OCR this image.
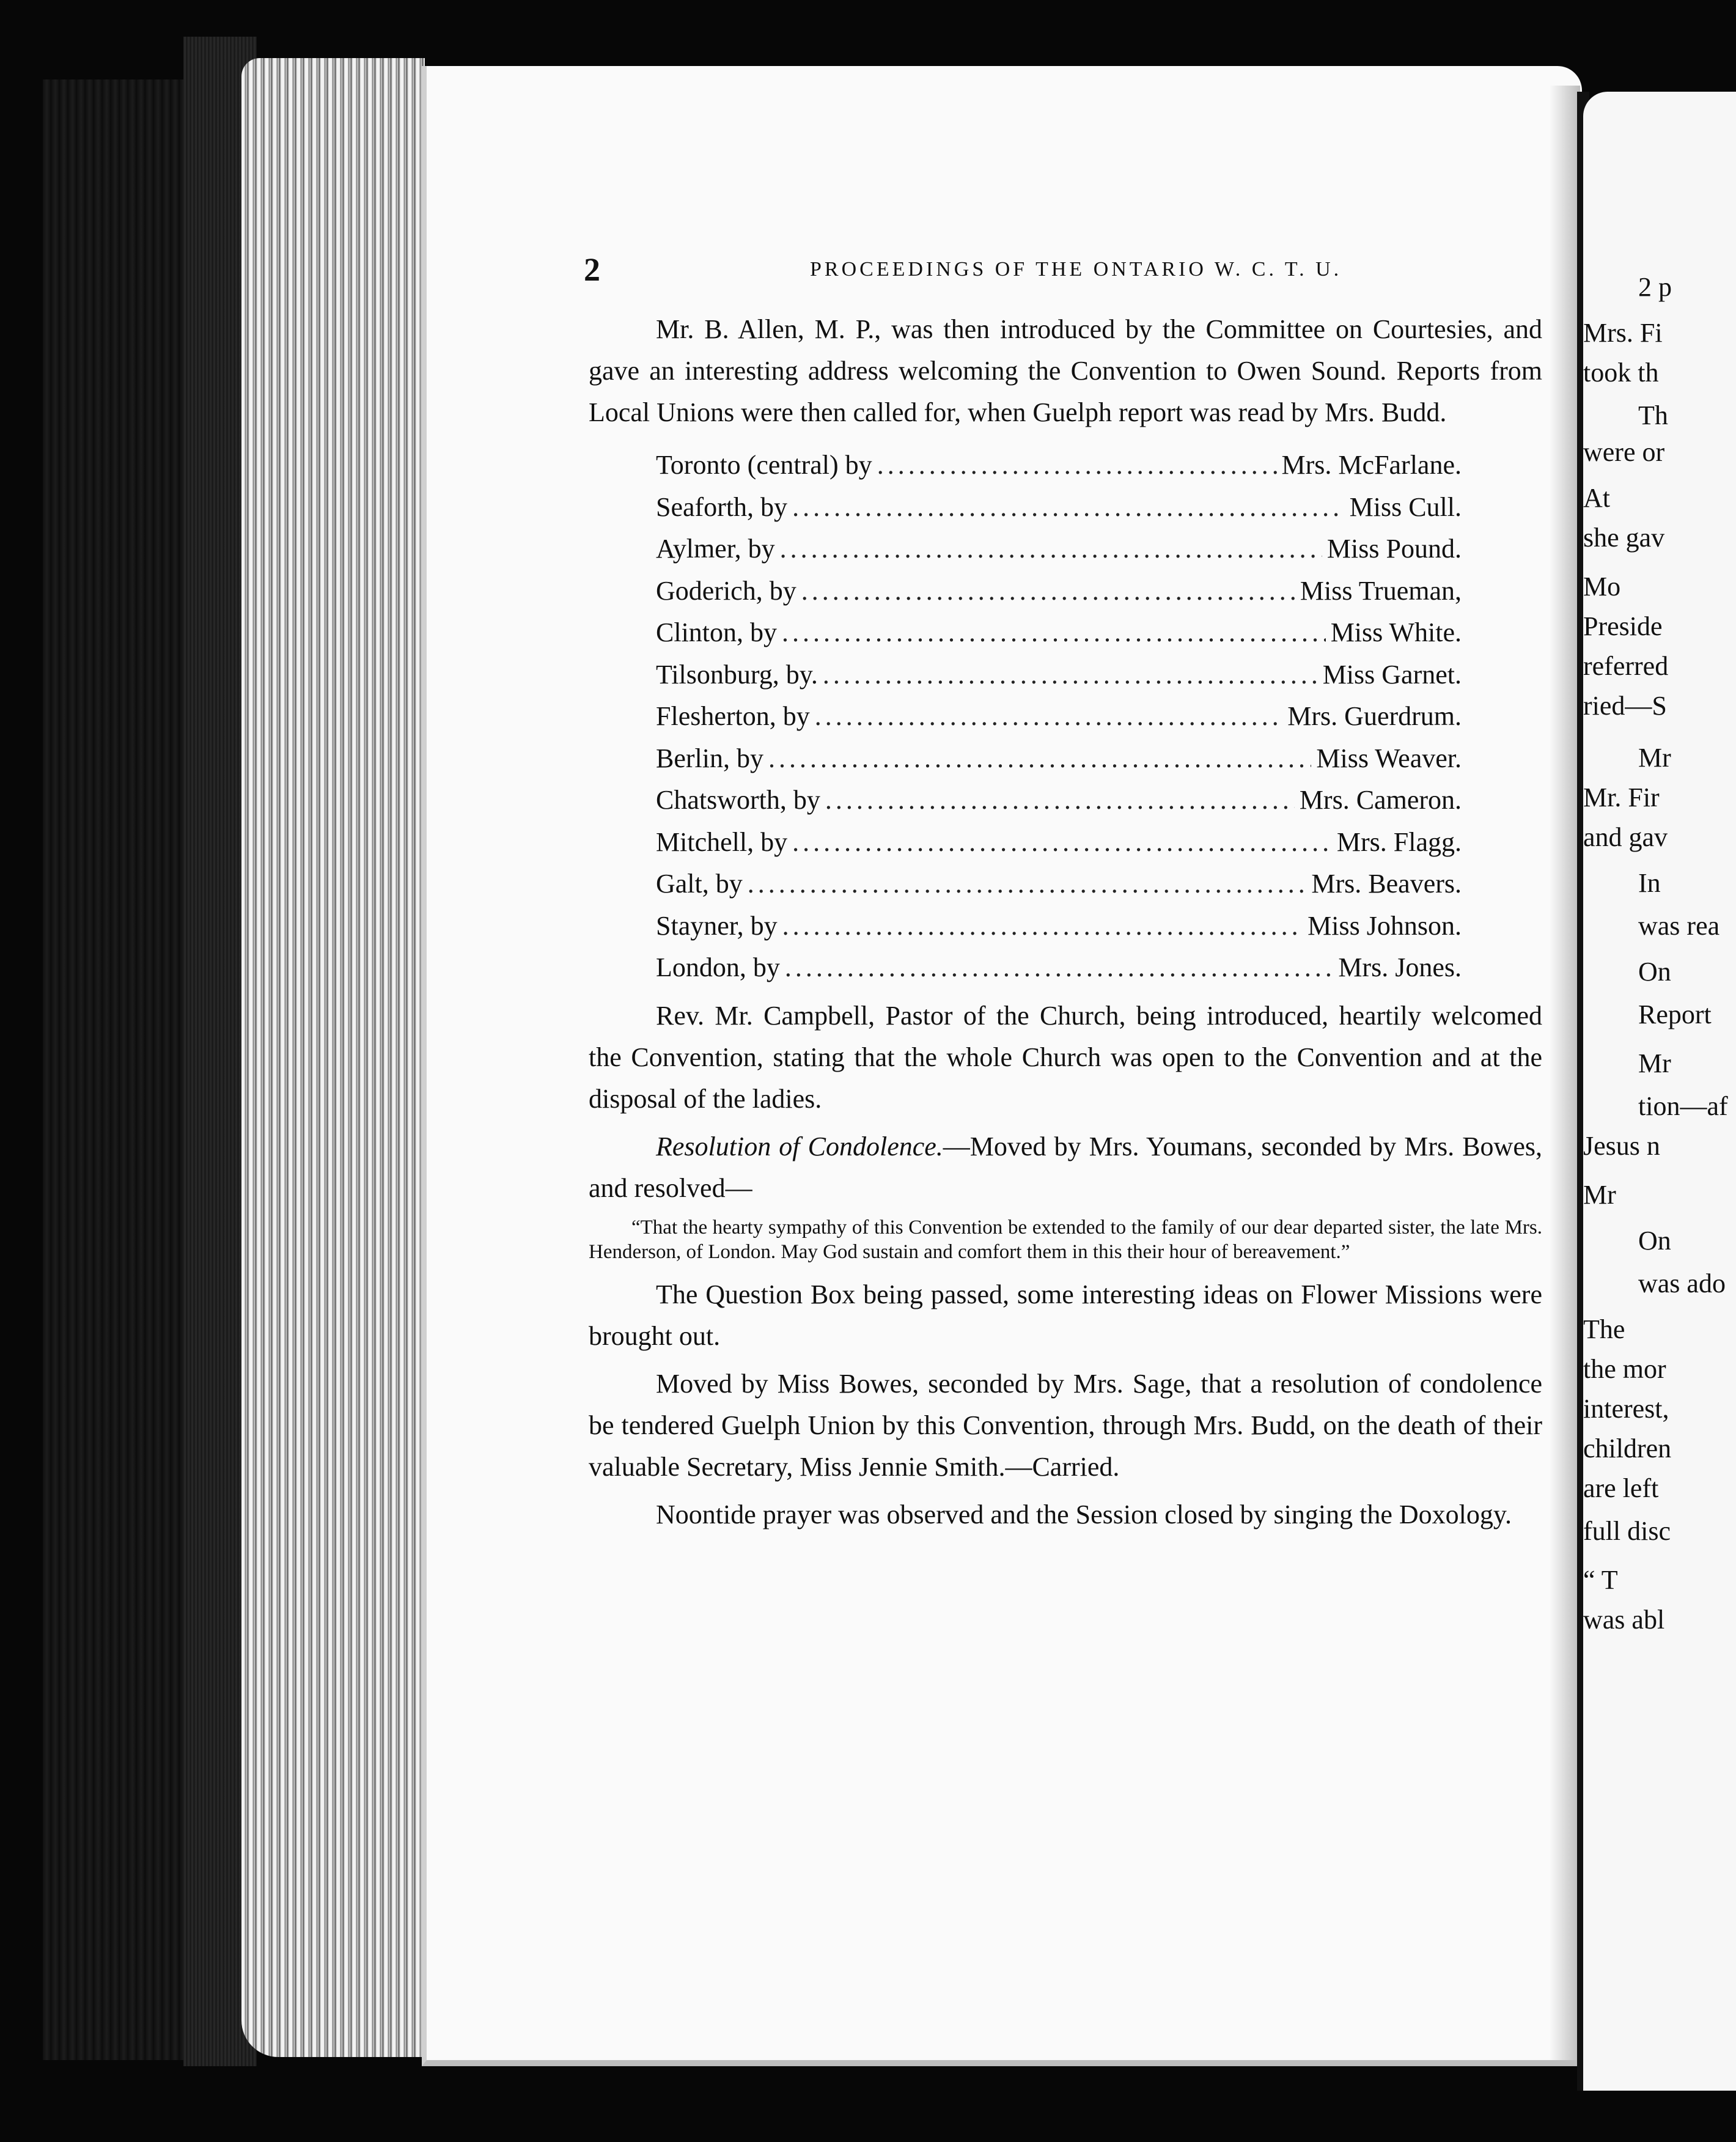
2 p
Mrs. Fi
took th
Th
were or
At
she gav
Mo
Preside
referred
ried—S
Mr
Mr. Fir
and gav
In
was rea
On
Report
Mr
tion—af
Jesus n
Mr
On
was ado
The
the mor
interest,
children
are left
full disc
“ T
was abl
2	PROCEEDINGS OF THE ONTARIO W. C. T. U.

Mr. B. Allen, M. P., was then introduced by the Committee on Courtesies, and gave an interesting address welcoming the Convention to Owen Sound. Reports from Local Unions were then called for, when Guelph report was read by Mrs. Budd.

Toronto (central) by .....	Mrs. McFarlane.
Seaforth, by .....	Miss Cull.
Aylmer, by .....	Miss Pound.
Goderich, by .....	Miss Trueman,
Clinton, by .....	Miss White.
Tilsonburg, by. .....	Miss Garnet.
Flesherton, by .....	Mrs. Guerdrum.
Berlin, by .....	Miss Weaver.
Chatsworth, by .....	Mrs. Cameron.
Mitchell, by .....	Mrs. Flagg.
Galt, by .....	Mrs. Beavers.
Stayner, by .....	Miss Johnson.
London, by .....	Mrs. Jones.

Rev. Mr. Campbell, Pastor of the Church, being introduced, heartily welcomed the Convention, stating that the whole Church was open to the Convention and at the disposal of the ladies.

Resolution of Condolence.—Moved by Mrs. Youmans, seconded by Mrs. Bowes, and resolved—

“That the hearty sympathy of this Convention be extended to the family of our dear departed sister, the late Mrs. Henderson, of London. May God sustain and comfort them in this their hour of bereavement.”

The Question Box being passed, some interesting ideas on Flower Missions were brought out.

Moved by Miss Bowes, seconded by Mrs. Sage, that a resolution of condolence be tendered Guelph Union by this Convention, through Mrs. Budd, on the death of their valuable Secretary, Miss Jennie Smith.—Carried.

Noontide prayer was observed and the Session closed by singing the Doxology.
